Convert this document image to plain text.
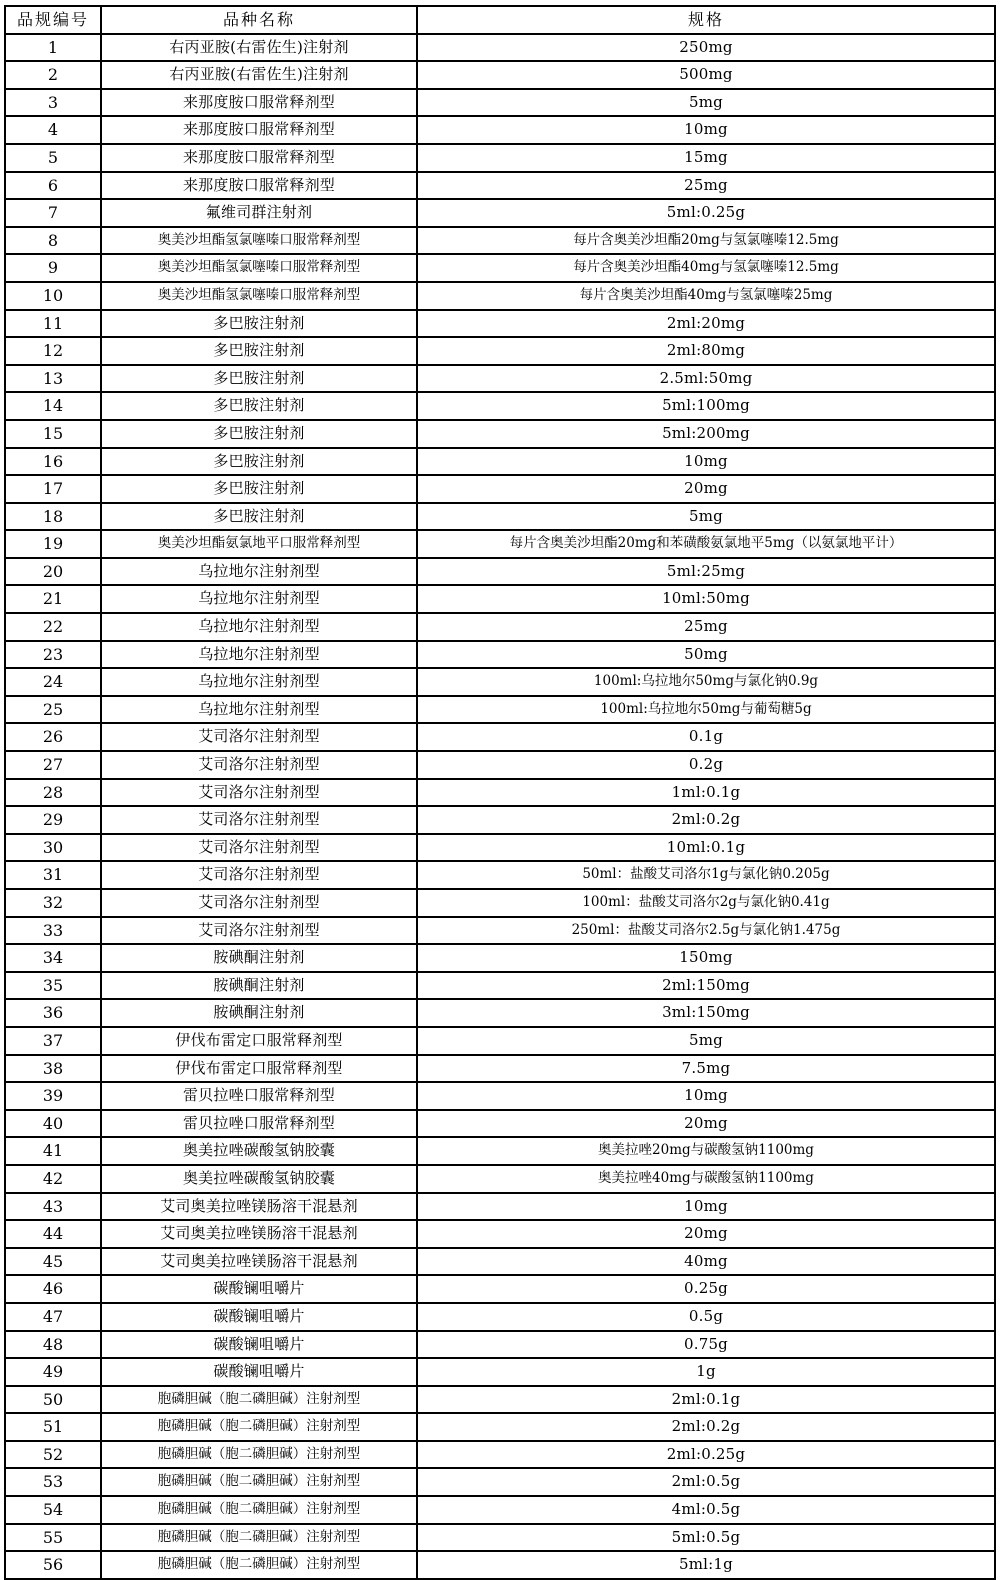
品规编号	品种名称	规格
1	右丙亚胺(右雷佐生)注射剂	250mg
2	右丙亚胺(右雷佐生)注射剂	500mg
3	来那度胺口服常释剂型	5mg
4	来那度胺口服常释剂型	10mg
5	来那度胺口服常释剂型	15mg
6	来那度胺口服常释剂型	25mg
7	氟维司群注射剂	5ml:0.25g
8	奥美沙坦酯氢氯噻嗪口服常释剂型	每片含奥美沙坦酯20mg与氢氯噻嗪12.5mg
9	奥美沙坦酯氢氯噻嗪口服常释剂型	每片含奥美沙坦酯40mg与氢氯噻嗪12.5mg
10	奥美沙坦酯氢氯噻嗪口服常释剂型	每片含奥美沙坦酯40mg与氢氯噻嗪25mg
11	多巴胺注射剂	2ml:20mg
12	多巴胺注射剂	2ml:80mg
13	多巴胺注射剂	2.5ml:50mg
14	多巴胺注射剂	5ml:100mg
15	多巴胺注射剂	5ml:200mg
16	多巴胺注射剂	10mg
17	多巴胺注射剂	20mg
18	多巴胺注射剂	5mg
19	奥美沙坦酯氨氯地平口服常释剂型	每片含奥美沙坦酯20mg和苯磺酸氨氯地平5mg（以氨氯地平计）
20	乌拉地尔注射剂型	5ml:25mg
21	乌拉地尔注射剂型	10ml:50mg
22	乌拉地尔注射剂型	25mg
23	乌拉地尔注射剂型	50mg
24	乌拉地尔注射剂型	100ml:乌拉地尔50mg与氯化钠0.9g
25	乌拉地尔注射剂型	100ml:乌拉地尔50mg与葡萄糖5g
26	艾司洛尔注射剂型	0.1g
27	艾司洛尔注射剂型	0.2g
28	艾司洛尔注射剂型	1ml:0.1g
29	艾司洛尔注射剂型	2ml:0.2g
30	艾司洛尔注射剂型	10ml:0.1g
31	艾司洛尔注射剂型	50ml：盐酸艾司洛尔1g与氯化钠0.205g
32	艾司洛尔注射剂型	100ml：盐酸艾司洛尔2g与氯化钠0.41g
33	艾司洛尔注射剂型	250ml：盐酸艾司洛尔2.5g与氯化钠1.475g
34	胺碘酮注射剂	150mg
35	胺碘酮注射剂	2ml:150mg
36	胺碘酮注射剂	3ml:150mg
37	伊伐布雷定口服常释剂型	5mg
38	伊伐布雷定口服常释剂型	7.5mg
39	雷贝拉唑口服常释剂型	10mg
40	雷贝拉唑口服常释剂型	20mg
41	奥美拉唑碳酸氢钠胶囊	奥美拉唑20mg与碳酸氢钠1100mg
42	奥美拉唑碳酸氢钠胶囊	奥美拉唑40mg与碳酸氢钠1100mg
43	艾司奥美拉唑镁肠溶干混悬剂	10mg
44	艾司奥美拉唑镁肠溶干混悬剂	20mg
45	艾司奥美拉唑镁肠溶干混悬剂	40mg
46	碳酸镧咀嚼片	0.25g
47	碳酸镧咀嚼片	0.5g
48	碳酸镧咀嚼片	0.75g
49	碳酸镧咀嚼片	1g
50	胞磷胆碱（胞二磷胆碱）注射剂型	2ml:0.1g
51	胞磷胆碱（胞二磷胆碱）注射剂型	2ml:0.2g
52	胞磷胆碱（胞二磷胆碱）注射剂型	2ml:0.25g
53	胞磷胆碱（胞二磷胆碱）注射剂型	2ml:0.5g
54	胞磷胆碱（胞二磷胆碱）注射剂型	4ml:0.5g
55	胞磷胆碱（胞二磷胆碱）注射剂型	5ml:0.5g
56	胞磷胆碱（胞二磷胆碱）注射剂型	5ml:1g
